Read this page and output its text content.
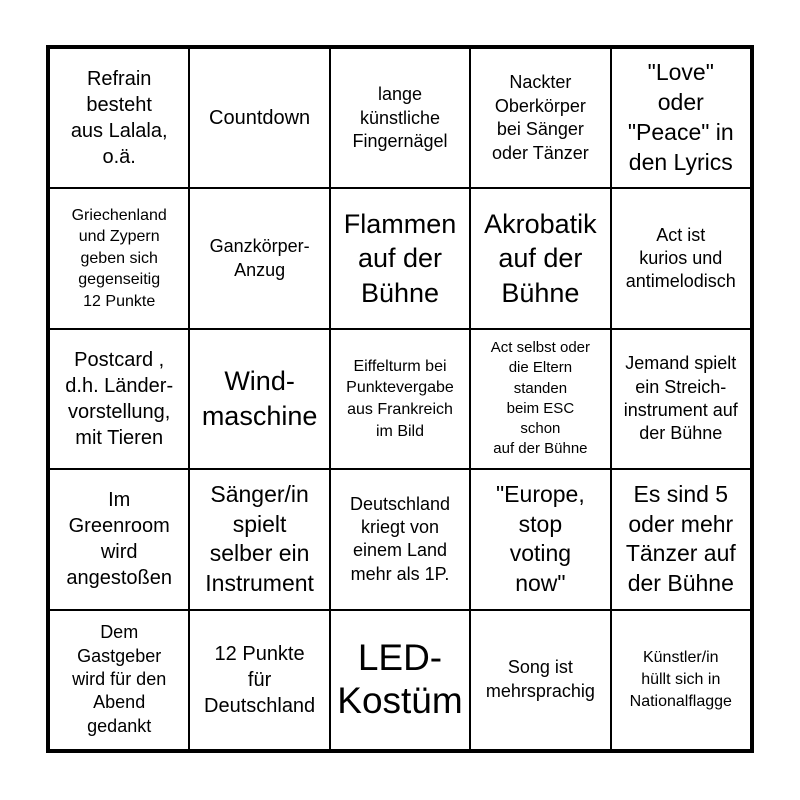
Refrain
besteht
aus Lalala,
o.ä.
Countdown
lange
künstliche
Fingernägel
Nackter
Oberkörper
bei Sänger
oder Tänzer
"Love"
oder
"Peace" in
den Lyrics
Griechenland
und Zypern
geben sich
gegenseitig
12 Punkte
Ganzkörper-
Anzug
Flammen
auf der
Bühne
Akrobatik
auf der
Bühne
Act ist
kurios und
antimelodisch
Postcard ,
d.h. Länder-
vorstellung,
mit Tieren
Wind-
maschine
Eiffelturm bei
Punktevergabe
aus Frankreich
im Bild
Act selbst oder
die Eltern
standen
beim ESC
schon
auf der Bühne
Jemand spielt
ein Streich-
instrument auf
der Bühne
Im
Greenroom
wird
angestoßen
Sänger/in
spielt
selber ein
Instrument
Deutschland
kriegt von
einem Land
mehr als 1P.
"Europe,
stop
voting
now"
Es sind 5
oder mehr
Tänzer auf
der Bühne
Dem
Gastgeber
wird für den
Abend
gedankt
12 Punkte
für
Deutschland
LED-
Kostüm
Song ist
mehrsprachig
Künstler/in
hüllt sich in
Nationalflagge
